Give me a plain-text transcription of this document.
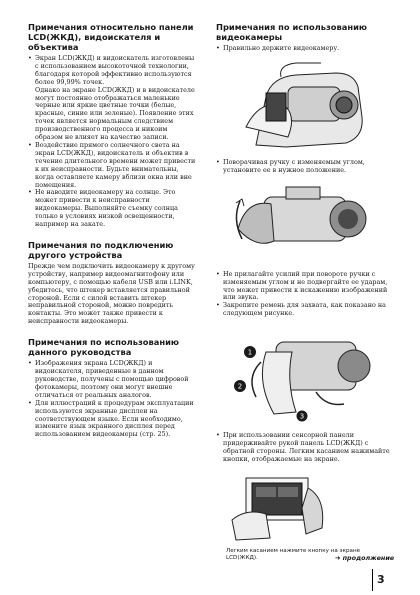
Примечания относительно панели LCD(ЖКД), видоискателя и объектива

• Экран LCD(ЖКД) и видоискатель изготовлены с использованием высокоточной технологии, благодаря которой эффективно используются более 99,99% точек.

Однако на экране LCD(ЖКД) и в видоискателе могут постоянно отображаться маленькие черные или яркие цветные точки (белые, красные, синие или зеленые). Появление этих точек является нормальным следствием производственного процесса и никоим образом не влияет на качество записи.

• Воздействие прямого солнечного света на экран LCD(ЖКД), видоискатель и объектив в течение длительного времени может привести к их неисправности. Будьте внимательны, когда оставляете камеру вблизи окна или вне помещения.

• Не наводите видеокамеру на солнце. Это может привести к неисправности видеокамеры. Выполняйте съемку солнца только в условиях низкой освещенности, например на закате.

Примечания по подключению другого устройства

Прежде чем подключить видеокамеру к другому устройству, например видеомагнитофону или компьютеру, с помощью кабеля USB или i.LINK, убедитесь, что штекер вставляется правильной стороной. Если с силой вставить штекер неправильной стороной, можно повредить контакты. Это может также привести к неисправности видеокамеры.

Примечания по использованию данного руководства

• Изображения экрана LCD(ЖКД) и видоискателя, приведенные в данном руководстве, получены с помощью цифровой фотокамеры, поэтому они могут внешне отличаться от реальных аналогов.

• Для иллюстраций к процедурам эксплуатации используются экранные дисплеи на соответствующем языке. Если необходимо, измените язык экранного дисплея перед использованием видеокамеры (стр. 25).

Примечания по использованию видеокамеры

• Правильно держите видеокамеру.

• Поворачивая ручку с изменяемым углом, установите ее в нужное положение.

• Не прилагайте усилий при повороте ручки с изменяемым углом и не подвергайте ее ударам, что может привести к искажению изображений или звука.

• Закрепите ремень для захвата, как показано на следующем рисунке.

1
2
3

• При использовании сенсорной панели придерживайте рукой панель LCD(ЖКД) с обратной стороны. Легким касанием нажимайте кнопки, отображаемые на экране.

Легким касанием нажмите кнопку на экране LCD(ЖКД).	➜ продолжение
3
